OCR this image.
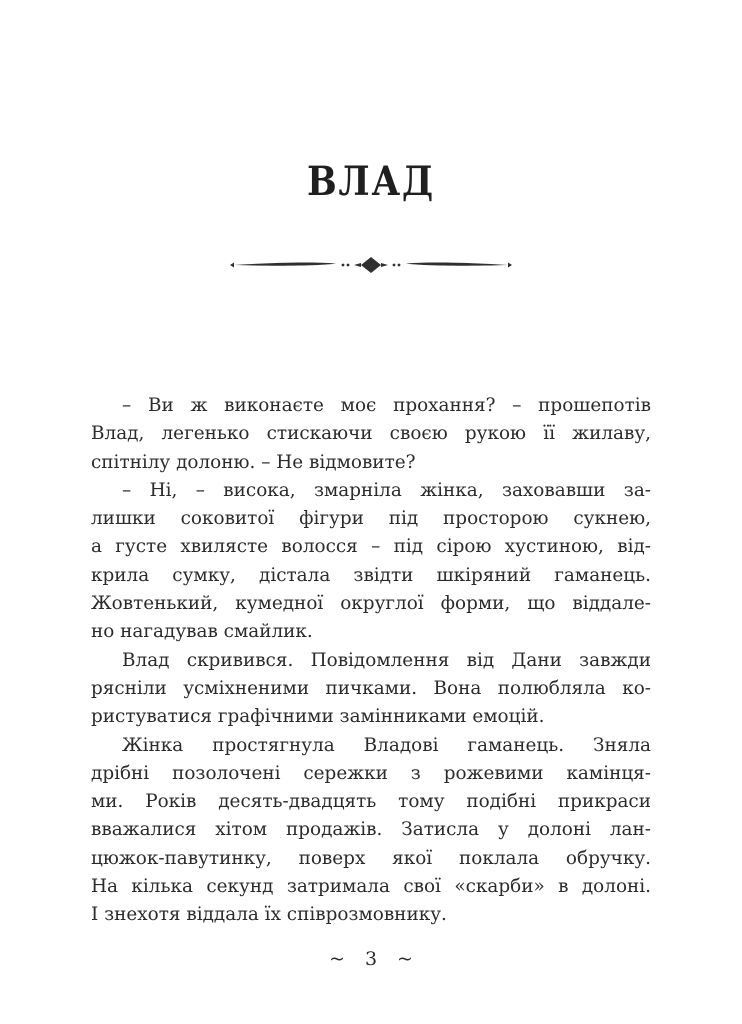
ВЛАД
– Ви ж виконаєте моє прохання? – прошепотів
Влад, легенько стискаючи своєю рукою її жилаву,
спітнілу долоню. – Не відмовите?
– Ні, – висока, змарніла жінка, заховавши за-
лишки соковитої фігури під просторою сукнею,
а густе хвилясте волосся – під сірою хустиною, від-
крила сумку, дістала звідти шкіряний гаманець.
Жовтенький, кумедної округлої форми, що віддале-
но нагадував смайлик.
Влад скривився. Повідомлення від Дани завжди
рясніли усміхненими пичками. Вона полюбляла ко-
ристуватися графічними замінниками емоцій.
Жінка простягнула Владові гаманець. Зняла
дрібні позолочені сережки з рожевими камінця-
ми. Років десять-двадцять тому подібні прикраси
вважалися хітом продажів. Затисла у долоні лан-
цюжок-павутинку, поверх якої поклала обручку.
На кілька секунд затримала свої «скарби» в долоні.
І знехотя віддала їх співрозмовнику.
~ 3 ~
